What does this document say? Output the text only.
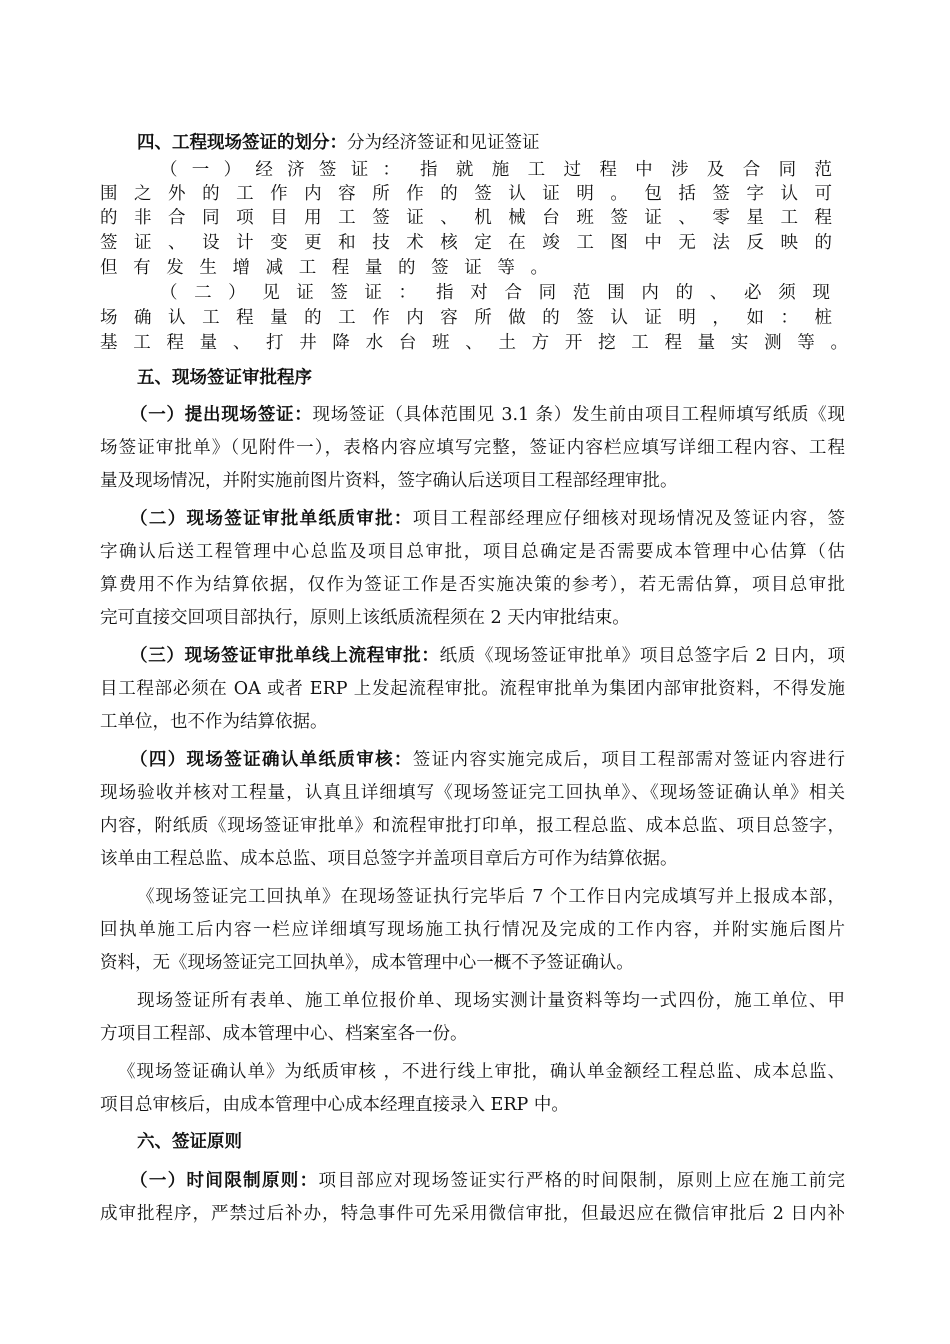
四、工程现场签证的划分：分为经济签证和见证签证
（一）经济签证： 指就施工过程中涉及合同范
围之外的工作内容所作的签认证明。包括签字认可
的非合同项目用工签证、机械台班签证、零星工程
签证、设计变更和技术核定在竣工图中无法反映的
但有发生增减工程量的签证等。
（二）见证签证： 指对合同范围内的、必须现
场确认工程量的工作内容所做的签认证明，如：桩
基工程量、打井降水台班、土方开挖工程量实测等。
五、现场签证审批程序
（一）提出现场签证：现场签证（具体范围见 3.1 条）发生前由项目工程师填写纸质《现
场签证审批单》（见附件一），表格内容应填写完整，签证内容栏应填写详细工程内容、工程
量及现场情况，并附实施前图片资料，签字确认后送项目工程部经理审批。
（二）现场签证审批单纸质审批：项目工程部经理应仔细核对现场情况及签证内容，签
字确认后送工程管理中心总监及项目总审批，项目总确定是否需要成本管理中心估算（估
算费用不作为结算依据，仅作为签证工作是否实施决策的参考），若无需估算，项目总审批
完可直接交回项目部执行，原则上该纸质流程须在 2 天内审批结束。
（三）现场签证审批单线上流程审批：纸质《现场签证审批单》项目总签字后 2 日内，项
目工程部必须在 OA 或者 ERP 上发起流程审批。流程审批单为集团内部审批资料，不得发施
工单位，也不作为结算依据。
（四）现场签证确认单纸质审核：签证内容实施完成后，项目工程部需对签证内容进行
现场验收并核对工程量，认真且详细填写《现场签证完工回执单》、《现场签证确认单》相关
内容，附纸质《现场签证审批单》和流程审批打印单，报工程总监、成本总监、项目总签字，
该单由工程总监、成本总监、项目总签字并盖项目章后方可作为结算依据。
《现场签证完工回执单》在现场签证执行完毕后 7 个工作日内完成填写并上报成本部，
回执单施工后内容一栏应详细填写现场施工执行情况及完成的工作内容，并附实施后图片
资料，无《现场签证完工回执单》，成本管理中心一概不予签证确认。
现场签证所有表单、施工单位报价单、现场实测计量资料等均一式四份，施工单位、甲
方项目工程部、成本管理中心、档案室各一份。
《现场签证确认单》为纸质审核 ，不进行线上审批，确认单金额经工程总监、成本总监、
项目总审核后，由成本管理中心成本经理直接录入 ERP 中。
六、签证原则
（一）时间限制原则：项目部应对现场签证实行严格的时间限制，原则上应在施工前完
成审批程序，严禁过后补办，特急事件可先采用微信审批，但最迟应在微信审批后 2 日内补
